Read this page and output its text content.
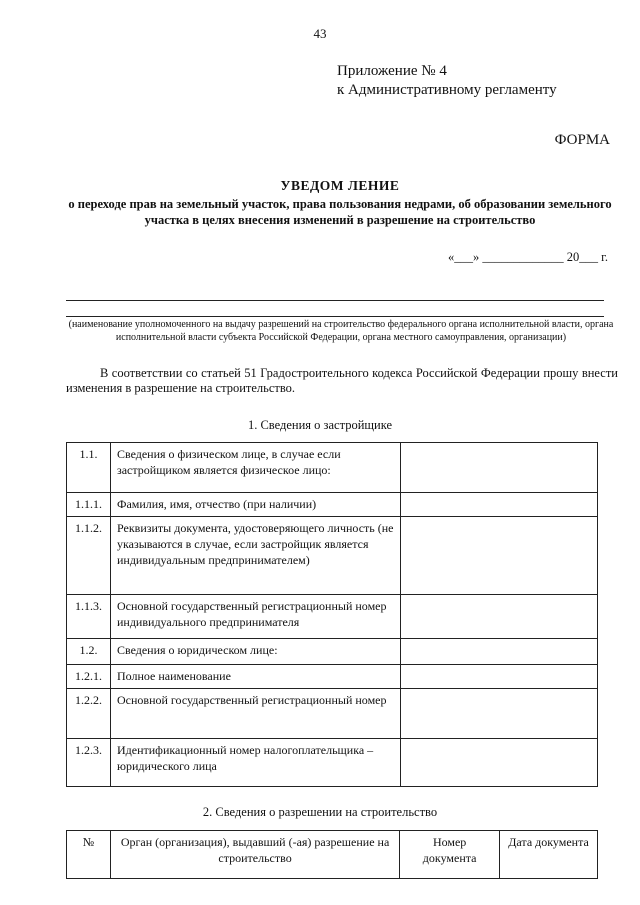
43
Приложение № 4
к Административному регламенту
ФОРМА
УВЕДОМ ЛЕНИЕ
о переходе прав на земельный участок, права пользования недрами, об образовании земельного участка в целях внесения изменений в разрешение на строительство
«___» _____________ 20___ г.
(наименование уполномоченного на выдачу разрешений на строительство федерального органа исполнительной власти, органа исполнительной власти субъекта Российской Федерации, органа местного самоуправления, организации)
В соответствии со статьей 51 Градостроительного кодекса Российской Федерации прошу внести изменения в разрешение на строительство.
1. Сведения о застройщике
1.1.	Сведения о физическом лице, в случае если застройщиком является физическое лицо:	
1.1.1.	Фамилия, имя, отчество (при наличии)	
1.1.2.	Реквизиты документа, удостоверяющего личность (не указываются в случае, если застройщик является индивидуальным предпринимателем)	
1.1.3.	Основной государственный регистрационный номер индивидуального предпринимателя	
1.2.	Сведения о юридическом лице:	
1.2.1.	Полное наименование	
1.2.2.	Основной государственный регистрационный номер	
1.2.3.	Идентификационный номер налогоплательщика – юридического лица	
2. Сведения о разрешении на строительство
№	Орган (организация), выдавший (-ая) разрешение на строительство	Номер документа	Дата документа
